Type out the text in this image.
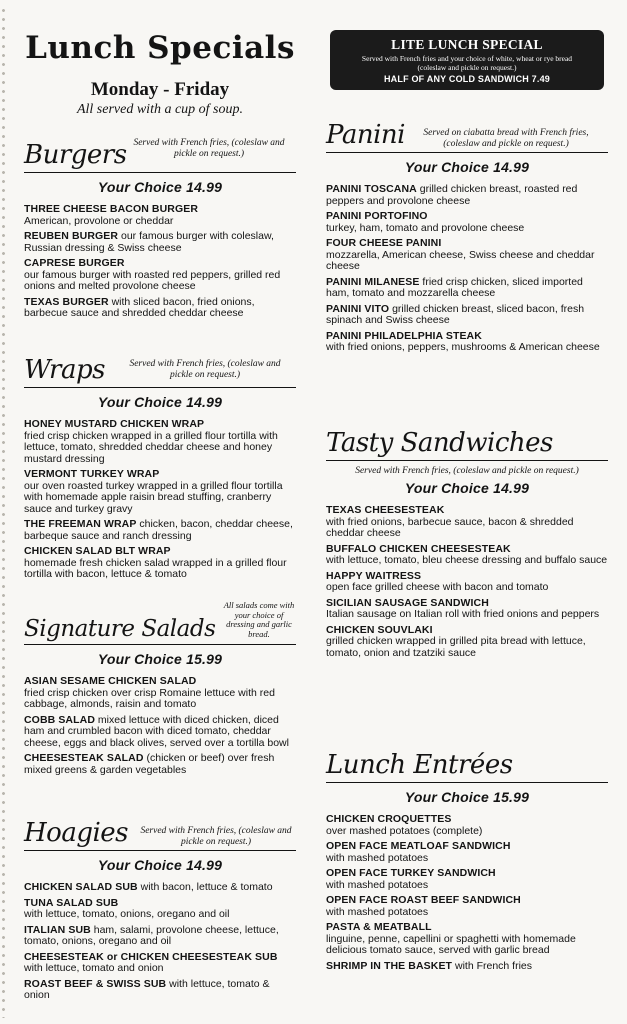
Lunch Specials
Monday - Friday
All served with a cup of soup.
Burgers Served with French fries, (coleslaw and pickle on request.)
Your Choice 14.99
THREE CHEESE BACON BURGER
American, provolone or cheddar
REUBEN BURGER our famous burger with coleslaw, Russian dressing & Swiss cheese
CAPRESE BURGER
our famous burger with roasted red peppers, grilled red onions and melted provolone cheese
TEXAS BURGER with sliced bacon, fried onions, barbecue sauce and shredded cheddar cheese
Wraps	Served with French fries, (coleslaw and pickle on request.)
Your Choice 14.99
HONEY MUSTARD CHICKEN WRAP
fried crisp chicken wrapped in a grilled flour tortilla with lettuce, tomato, shredded cheddar cheese and honey mustard dressing
VERMONT TURKEY WRAP
our oven roasted turkey wrapped in a grilled flour tortilla with homemade apple raisin bread stuffing, cranberry sauce and turkey gravy
THE FREEMAN WRAP chicken, bacon, cheddar cheese, barbeque sauce and ranch dressing
CHICKEN SALAD BLT WRAP
homemade fresh chicken salad wrapped in a grilled flour tortilla with bacon, lettuce & tomato
Signature Salads
All salads come with your choice of dressing and garlic bread.
Your Choice 15.99
ASIAN SESAME CHICKEN SALAD
fried crisp chicken over crisp Romaine lettuce with red cabbage, almonds, raisin and tomato
COBB SALAD mixed lettuce with diced chicken, diced ham and crumbled bacon with diced tomato, cheddar cheese, eggs and black olives, served over a tortilla bowl
CHEESESTEAK SALAD (chicken or beef) over fresh mixed greens & garden vegetables
Hoagies	Served with French fries, (coleslaw and pickle on request.)
Your Choice 14.99
CHICKEN SALAD SUB with bacon, lettuce & tomato
TUNA SALAD SUB
with lettuce, tomato, onions, oregano and oil
ITALIAN SUB ham, salami, provolone cheese, lettuce, tomato, onions, oregano and oil
CHEESESTEAK or CHICKEN CHEESESTEAK SUB
with lettuce, tomato and onion
ROAST BEEF & SWISS SUB with lettuce, tomato & onion
LITE LUNCH SPECIAL
Served with French fries and your choice of white, wheat or rye bread (coleslaw and pickle on request.)
HALF OF ANY COLD SANDWICH 7.49
Panini	Served on ciabatta bread with French fries, (coleslaw and pickle on request.)
Your Choice 14.99
PANINI TOSCANA grilled chicken breast, roasted red peppers and provolone cheese
PANINI PORTOFINO
turkey, ham, tomato and provolone cheese
FOUR CHEESE PANINI
mozzarella, American cheese, Swiss cheese and cheddar cheese
PANINI MILANESE fried crisp chicken, sliced imported ham, tomato and mozzarella cheese
PANINI VITO grilled chicken breast, sliced bacon, fresh spinach and Swiss cheese
PANINI PHILADELPHIA STEAK
with fried onions, peppers, mushrooms & American cheese
Tasty Sandwiches
Served with French fries, (coleslaw and pickle on request.)
Your Choice 14.99
TEXAS CHEESESTEAK
with fried onions, barbecue sauce, bacon & shredded cheddar cheese
BUFFALO CHICKEN CHEESESTEAK
with lettuce, tomato, bleu cheese dressing and buffalo sauce
HAPPY WAITRESS
open face grilled cheese with bacon and tomato
SICILIAN SAUSAGE SANDWICH
Italian sausage on Italian roll with fried onions and peppers
CHICKEN SOUVLAKI
grilled chicken wrapped in grilled pita bread with lettuce, tomato, onion and tzatziki sauce
Lunch Entrées
Your Choice 15.99
CHICKEN CROQUETTES
over mashed potatoes (complete)
OPEN FACE MEATLOAF SANDWICH
with mashed potatoes
OPEN FACE TURKEY SANDWICH
with mashed potatoes
OPEN FACE ROAST BEEF SANDWICH
with mashed potatoes
PASTA & MEATBALL
linguine, penne, capellini or spaghetti with homemade delicious tomato sauce, served with garlic bread
SHRIMP IN THE BASKET with French fries
